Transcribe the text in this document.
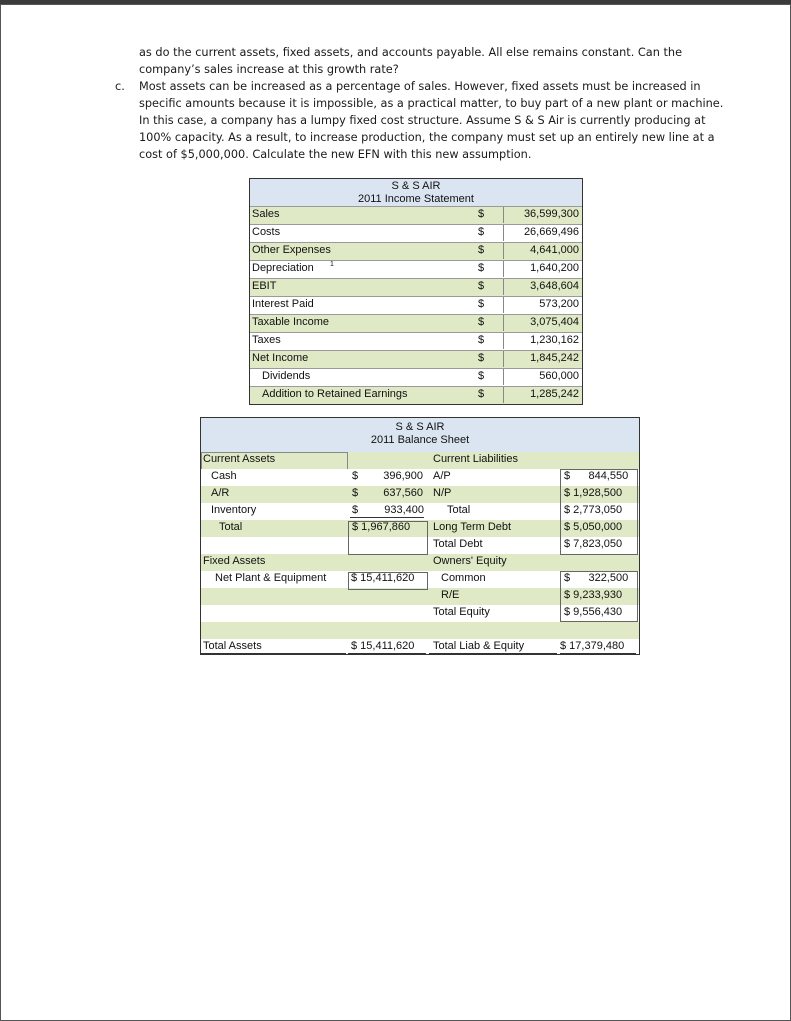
as do the current assets, fixed assets, and accounts payable. All else remains constant. Can the
company’s sales increase at this growth rate?
c. Most assets can be increased as a percentage of sales. However, fixed assets must be increased in
specific amounts because it is impossible, as a practical matter, to buy part of a new plant or machine.
In this case, a company has a lumpy fixed cost structure. Assume S & S Air is currently producing at
100% capacity. As a result, to increase production, the company must set up an entirely new line at a
cost of $5,000,000. Calculate the new EFN with this new assumption.
S & S AIR
2011 Income Statement
Sales	$	36,599,300
Costs	$	26,669,496
Other Expenses	$	4,641,000
Depreciation 1	$	1,640,200
EBIT	$	3,648,604
Interest Paid	$	573,200
Taxable Income	$	3,075,404
Taxes	$	1,230,162
Net Income	$	1,845,242
Dividends	$	560,000
Addition to Retained Earnings	$	1,285,242
S & S AIR
2011 Balance Sheet
Current Assets	Current Liabilities
Cash	$	396,900 A/P	$      844,550
A/R	$	637,560 N/P	$ 1,928,500
Inventory	$ 933,400 Total	$ 2,773,050
Total	$ 1,967,860 Long Term Debt	$ 5,050,000
Total Debt	$ 7,823,050
Fixed Assets	Owners' Equity
Net Plant & Equipment $ 15,411,620 Common	$      322,500
R/E	$ 9,233,930
Total Equity	$ 9,556,430
Total Assets	$ 15,411,620 Total Liab & Equity	$ 17,379,480
